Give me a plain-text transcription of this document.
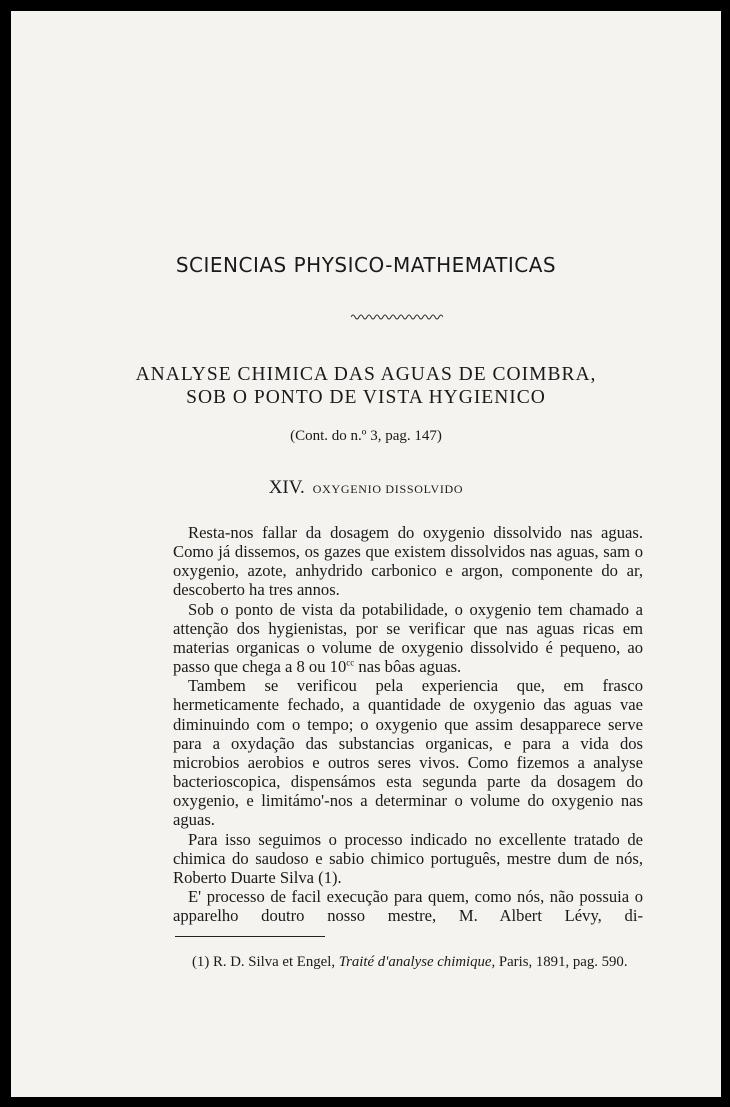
SCIENCIAS PHYSICO-MATHEMATICAS
ANALYSE CHIMICA DAS AGUAS DE COIMBRA,
SOB O PONTO DE VISTA HYGIENICO
(Cont. do n.º 3, pag. 147)
XIV. OXYGENIO DISSOLVIDO

Resta-nos fallar da dosagem do oxygenio dissolvido nas aguas. Como já dissemos, os gazes que existem dissolvidos nas aguas, sam o oxygenio, azote, anhydrido carbonico e argon, componente do ar, descoberto ha tres annos.

Sob o ponto de vista da potabilidade, o oxygenio tem chamado a attenção dos hygienistas, por se verificar que nas aguas ricas em materias organicas o volume de oxygenio dissolvido é pequeno, ao passo que chega a 8 ou $10^{cc}$ nas bôas aguas.

Tambem se verificou pela experiencia que, em frasco hermeticamente fechado, a quantidade de oxygenio das aguas vae diminuindo com o tempo; o oxygenio que assim desapparece serve para a oxydação das substancias organicas, e para a vida dos microbios aerobios e outros seres vivos. Como fizemos a analyse bacterioscopica, dispensámos esta segunda parte da dosagem do oxygenio, e limitámo'-nos a determinar o volume do oxygenio nas aguas.

Para isso seguimos o processo indicado no excellente tratado de chimica do saudoso e sabio chimico português, mestre dum de nós, Roberto Duarte Silva (1).

E' processo de facil execução para quem, como nós, não possuia o apparelho doutro nosso mestre, M. Albert Lévy, di-

(1) R. D. Silva et Engel, Traité d'analyse chimique, Paris, 1891, pag. 590.
